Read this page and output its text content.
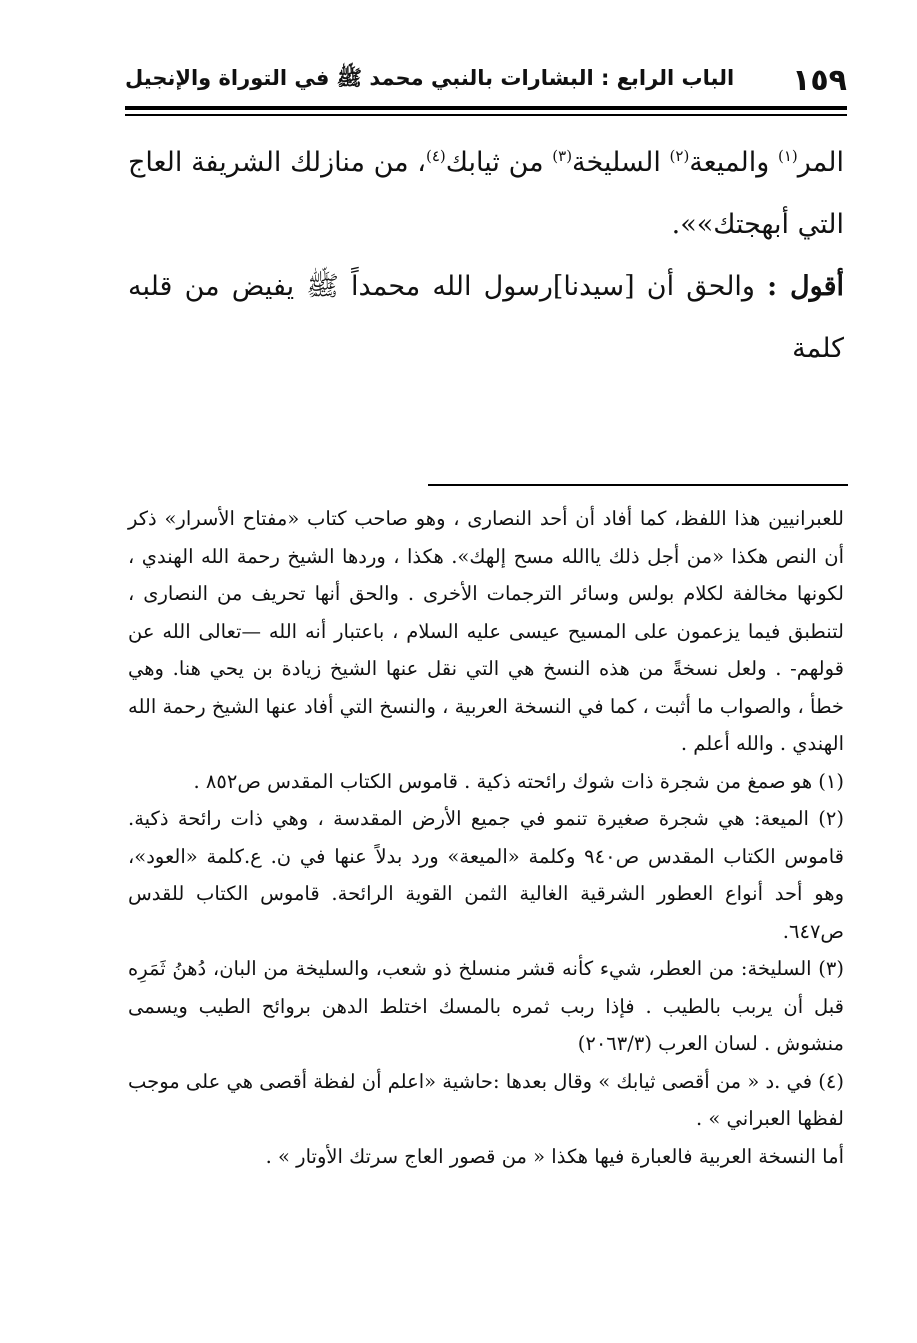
١٥٩
الباب الرابع : البشارات بالنبي محمد ﷺ في التوراة والإنجيل

المر$^{(١)}$ والميعة$^{(٢)}$ السليخة$^{(٣)}$ من ثيابك$^{(٤)}$، من منازلك الشريفة العاج التي أبهجتك»».

أقول : والحق أن [سيدنا]رسول الله محمداً ﷺ يفيض من قلبه كلمة

للعبرانيين هذا اللفظ، كما أفاد أن أحد النصارى ، وهو صاحب كتاب «مفتاح الأسرار» ذكر أن النص هكذا «من أجل ذلك ياالله مسح إلهك». هكذا ، وردها الشيخ رحمة الله الهندي ، لكونها مخالفة لكلام بولس وسائر الترجمات الأخرى . والحق أنها تحريف من النصارى ، لتنطبق فيما يزعمون على المسيح عيسى عليه السلام ، باعتبار أنه الله —تعالى الله عن قولهم- . ولعل نسخةً من هذه النسخ هي التي نقل عنها الشيخ زيادة بن يحي هنا. وهي خطأ ، والصواب ما أثبت ، كما في النسخة العربية ، والنسخ التي أفاد عنها الشيخ رحمة الله الهندي . والله أعلم .

(١) هو صمغ من شجرة ذات شوك رائحته ذكية . قاموس الكتاب المقدس ص٨٥٢ .

(٢) الميعة: هي شجرة صغيرة تنمو في جميع الأرض المقدسة ، وهي ذات رائحة ذكية. قاموس الكتاب المقدس ص٩٤٠ وكلمة «الميعة» ورد بدلاً عنها في ن. ع.كلمة «العود»، وهو أحد أنواع العطور الشرقية الغالية الثمن القوية الرائحة. قاموس الكتاب للقدس ص٦٤٧.

(٣) السليخة: من العطر، شيء كأنه قشر منسلخ ذو شعب، والسليخة من البان، دُهنُ ثَمَرِه قبل أن يربب بالطيب . فإذا ربب ثمره بالمسك اختلط الدهن بروائح الطيب ويسمى منشوش . لسان العرب (٢٠٦٣/٣)

(٤) في .د « من أقصى ثيابك » وقال بعدها :حاشية «اعلم أن لفظة أقصى هي على موجب لفظها العبراني » .

أما النسخة العربية فالعبارة فيها هكذا « من قصور العاج سرتك الأوتار » .
